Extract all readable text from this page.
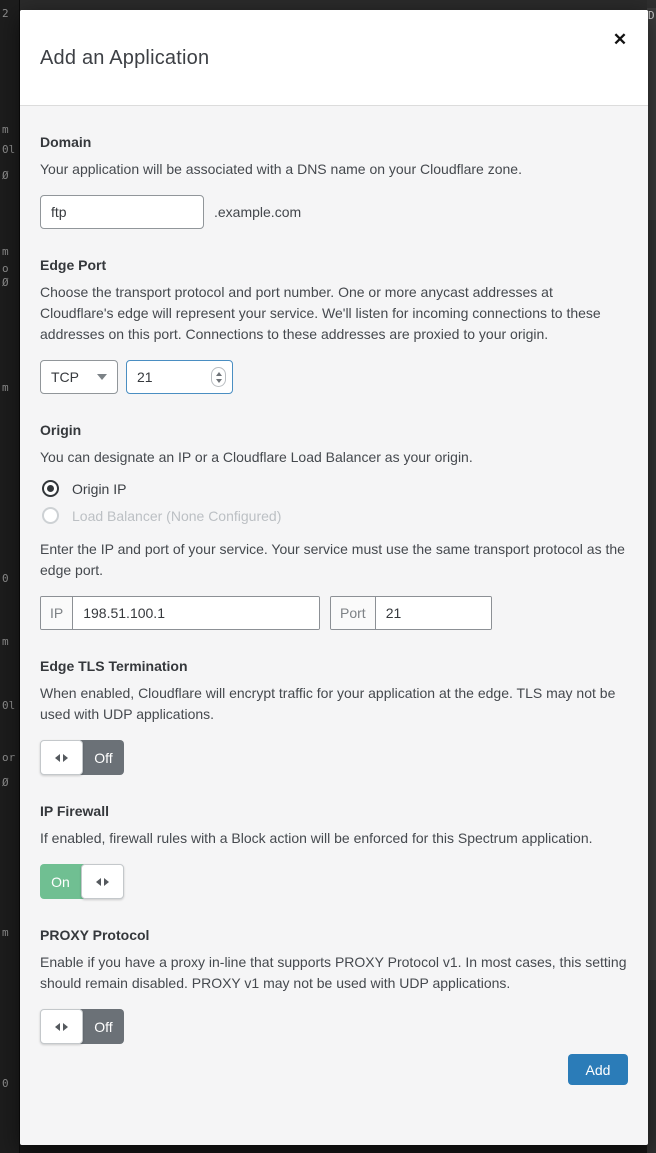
2
m
0l
Ø
m
o
Ø
m
0
m
0l
or
Ø
m
0
D
Add an Application
✕
Domain

Your application will be associated with a DNS name on your Cloudflare zone.

ftp
.example.com
Edge Port

Choose the transport protocol and port number. One or more anycast addresses at Cloudflare's edge will represent your service. We'll listen for incoming connections to these addresses on this port. Connections to these addresses are proxied to your origin.

TCP
21
Origin

You can designate an IP or a Cloudflare Load Balancer as your origin.

Origin IP
Load Balancer (None Configured)

Enter the IP and port of your service. Your service must use the same transport protocol as the edge port.

IP
198.51.100.1	Port
21
Edge TLS Termination

When enabled, Cloudflare will encrypt traffic for your application at the edge. TLS may not be used with UDP applications.

Off
IP Firewall

If enabled, firewall rules with a Block action will be enforced for this Spectrum application.

On
PROXY Protocol

Enable if you have a proxy in-line that supports PROXY Protocol v1. In most cases, this setting should remain disabled. PROXY v1 may not be used with UDP applications.

Off
Add
